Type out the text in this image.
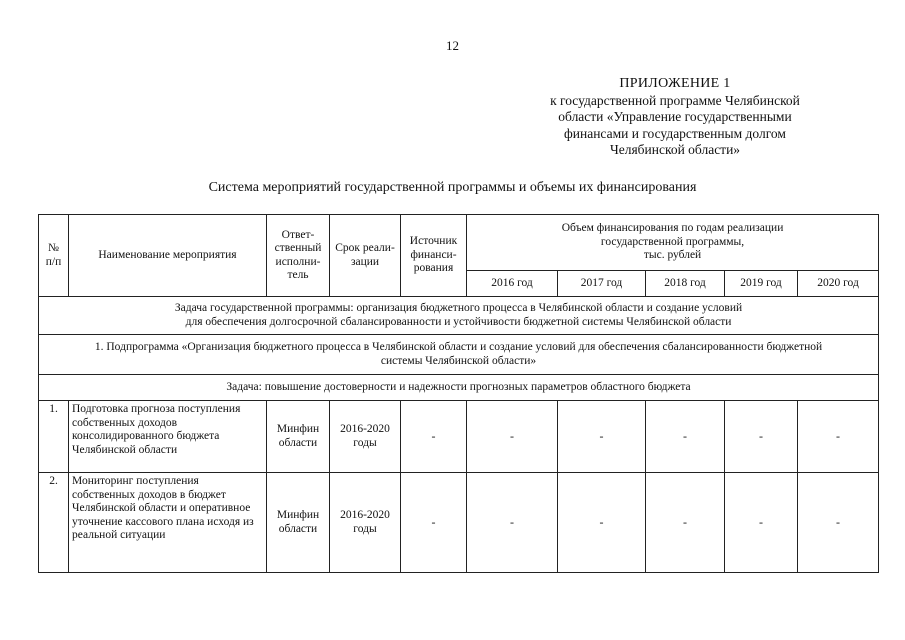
12
ПРИЛОЖЕНИЕ 1
к государственной программе Челябинской
области «Управление государственными
финансами и государственным долгом
Челябинской области»
Система мероприятий государственной программы и объемы их финансирования
№ п/п	Наименование мероприятия	Ответ-ственный исполни-тель	Срок реали-зации	Источник финанси-рования	Объем финансирования по годам реализации
государственной программы,
тыс. рублей				

					2016 год	2017 год	2018 год	2019 год	2020 год

Задача государственной программы: организация бюджетного процесса в Челябинской области и создание условий
для обеспечения долгосрочной сбалансированности и устойчивости бюджетной системы Челябинской области									

1. Подпрограмма «Организация бюджетного процесса в Челябинской области и создание условий для обеспечения сбалансированности бюджетной
системы Челябинской области»									

Задача: повышение достоверности и надежности прогнозных параметров областного бюджета									
1.	Подготовка прогноза поступления собственных доходов консолидированного бюджета Челябинской области	Минфин области	2016-2020 годы	-	-	-	-	-	-
2.	Мониторинг поступления собственных доходов в бюджет Челябинской области и оперативное уточнение кассового плана исходя из реальной ситуации	Минфин области	2016-2020 годы	-	-	-	-	-	-
